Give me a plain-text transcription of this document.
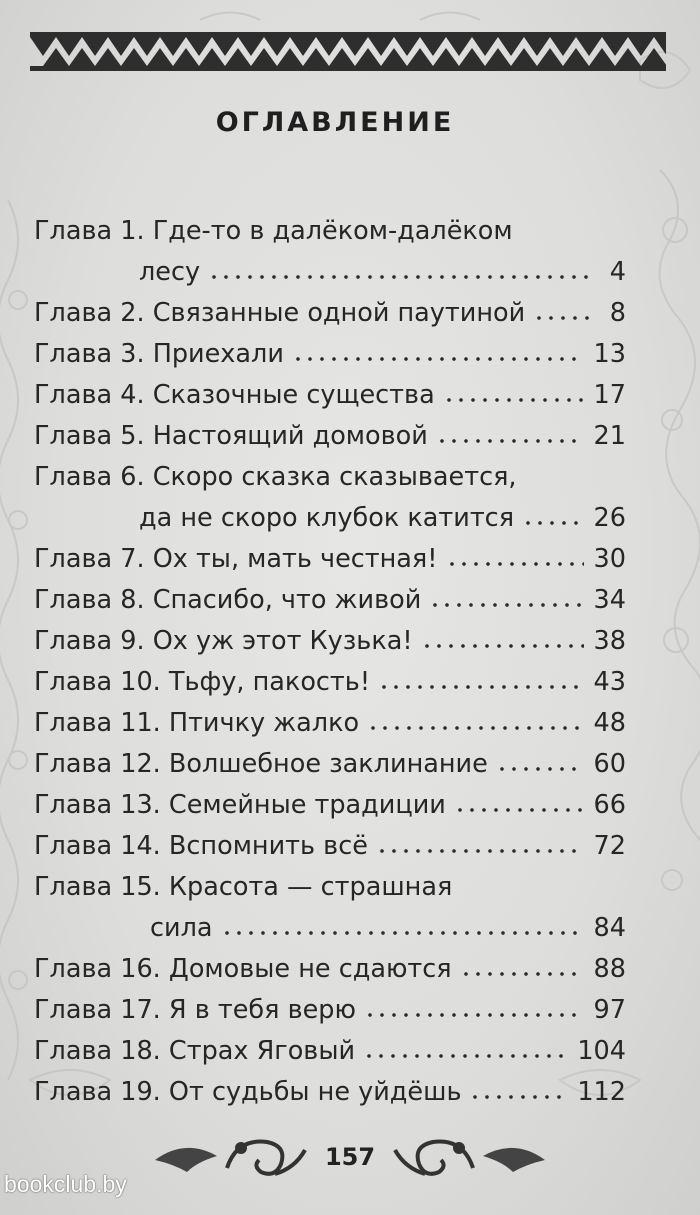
оглавление
Глава 1. Где-то в далёком-далёком
лесу	4
Глава 2. Связанные одной паутиной	8
Глава 3. Приехали	13
Глава 4. Сказочные существа	17
Глава 5. Настоящий домовой	21
Глава 6. Скоро сказка сказывается,
да не скоро клубок катится	26
Глава 7. Ох ты, мать честная!	30
Глава 8. Спасибо, что живой	34
Глава 9. Ох уж этот Кузька!	38
Глава 10. Тьфу, пакость!	43
Глава 11. Птичку жалко	48
Глава 12. Волшебное заклинание	60
Глава 13. Семейные традиции	66
Глава 14. Вспомнить всё	72
Глава 15. Красота — страшная
сила	84
Глава 16. Домовые не сдаются	88
Глава 17. Я в тебя верю	97
Глава 18. Страх Яговый	104
Глава 19. От судьбы не уйдёшь	112
157
bookclub.by
